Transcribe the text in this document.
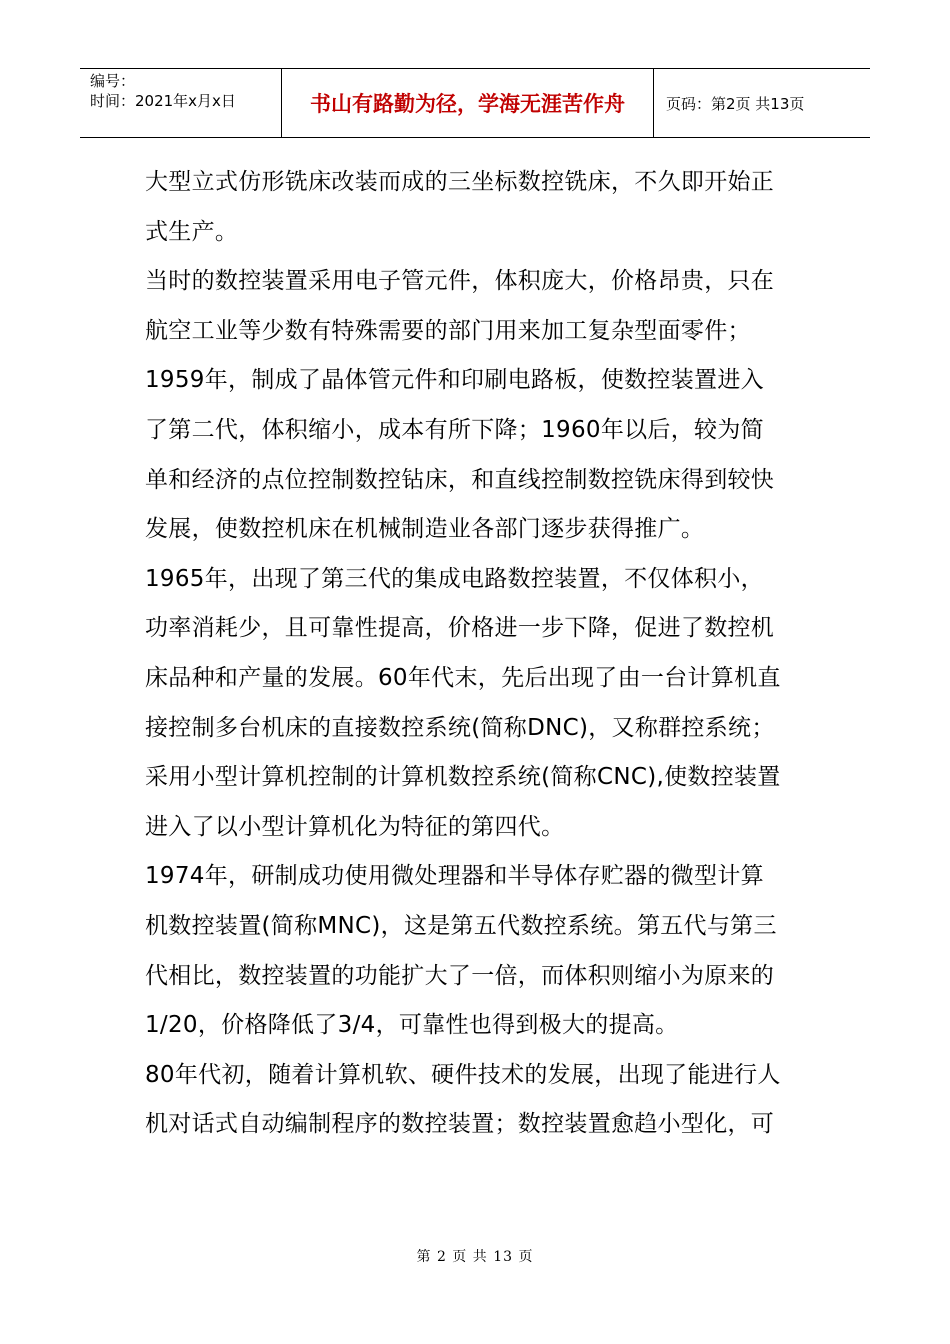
编号：
时间：2021年x月x日	书山有路勤为径，学海无涯苦作舟	页码：第2页 共13页
大型立式仿形铣床改装而成的三坐标数控铣床，不久即开始正
式生产。
当时的数控装置采用电子管元件，体积庞大，价格昂贵，只在
航空工业等少数有特殊需要的部门用来加工复杂型面零件；
1959年，制成了晶体管元件和印刷电路板，使数控装置进入
了第二代，体积缩小，成本有所下降；1960年以后，较为简
单和经济的点位控制数控钻床，和直线控制数控铣床得到较快
发展，使数控机床在机械制造业各部门逐步获得推广。
1965年，出现了第三代的集成电路数控装置，不仅体积小，
功率消耗少，且可靠性提高，价格进一步下降，促进了数控机
床品种和产量的发展。60年代末，先后出现了由一台计算机直
接控制多台机床的直接数控系统(简称DNC)，又称群控系统；
采用小型计算机控制的计算机数控系统(简称CNC),使数控装置
进入了以小型计算机化为特征的第四代。
1974年，研制成功使用微处理器和半导体存贮器的微型计算
机数控装置(简称MNC)，这是第五代数控系统。第五代与第三
代相比，数控装置的功能扩大了一倍，而体积则缩小为原来的
1/20，价格降低了3/4，可靠性也得到极大的提高。
80年代初，随着计算机软、硬件技术的发展，出现了能进行人
机对话式自动编制程序的数控装置；数控装置愈趋小型化，可
第 2 页 共 13 页
